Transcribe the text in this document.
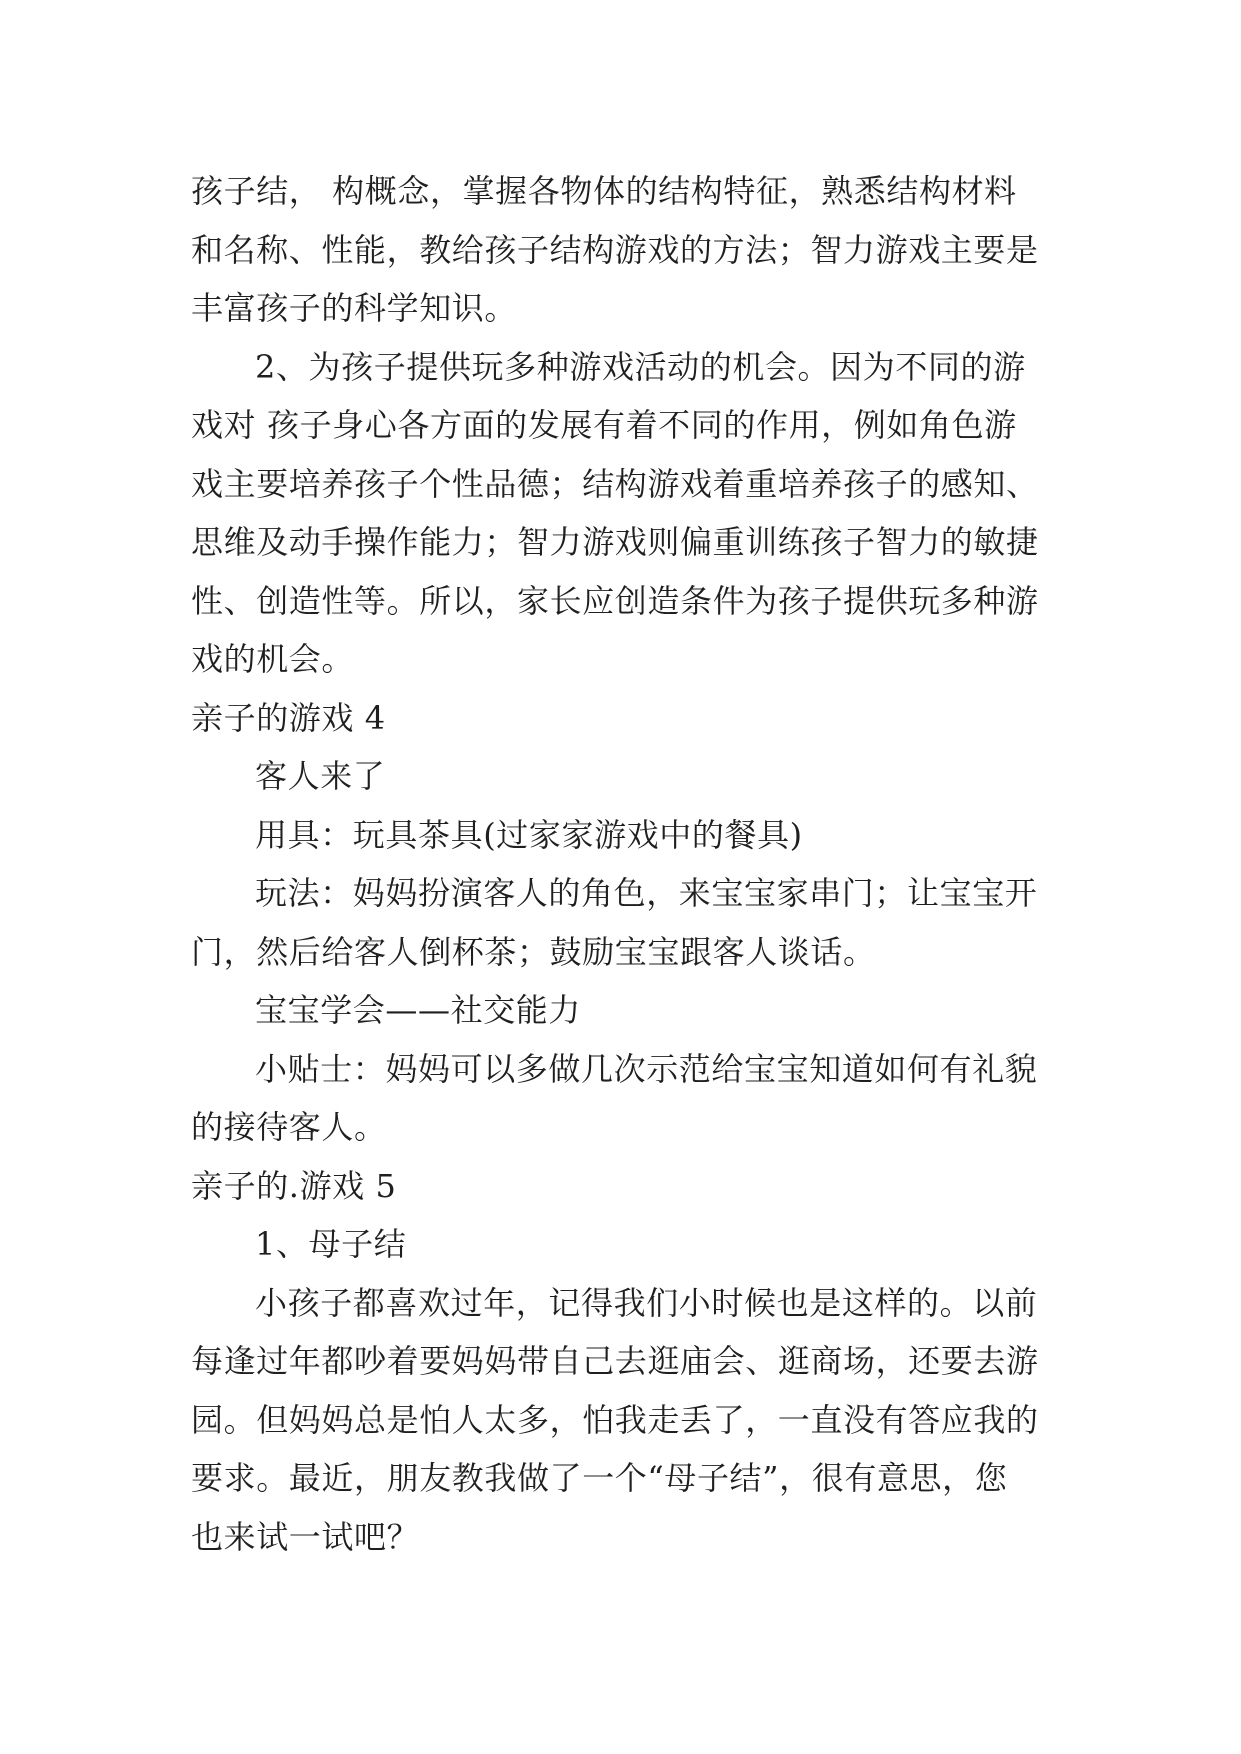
孩子结， 构概念，掌握各物体的结构特征，熟悉结构材料
和名称、性能，教给孩子结构游戏的方法；智力游戏主要是
丰富孩子的科学知识。
2、为孩子提供玩多种游戏活动的机会。因为不同的游
戏对 孩子身心各方面的发展有着不同的作用，例如角色游
戏主要培养孩子个性品德；结构游戏着重培养孩子的感知、
思维及动手操作能力；智力游戏则偏重训练孩子智力的敏捷
性、创造性等。所以，家长应创造条件为孩子提供玩多种游
戏的机会。
亲子的游戏 4
客人来了
用具：玩具茶具(过家家游戏中的餐具)
玩法：妈妈扮演客人的角色，来宝宝家串门；让宝宝开
门，然后给客人倒杯茶；鼓励宝宝跟客人谈话。
宝宝学会——社交能力
小贴士：妈妈可以多做几次示范给宝宝知道如何有礼貌
的接待客人。
亲子的.游戏 5
1、母子结
小孩子都喜欢过年，记得我们小时候也是这样的。以前
每逢过年都吵着要妈妈带自己去逛庙会、逛商场，还要去游
园。但妈妈总是怕人太多，怕我走丢了，一直没有答应我的
要求。最近，朋友教我做了一个“母子结”，很有意思，您
也来试一试吧？
